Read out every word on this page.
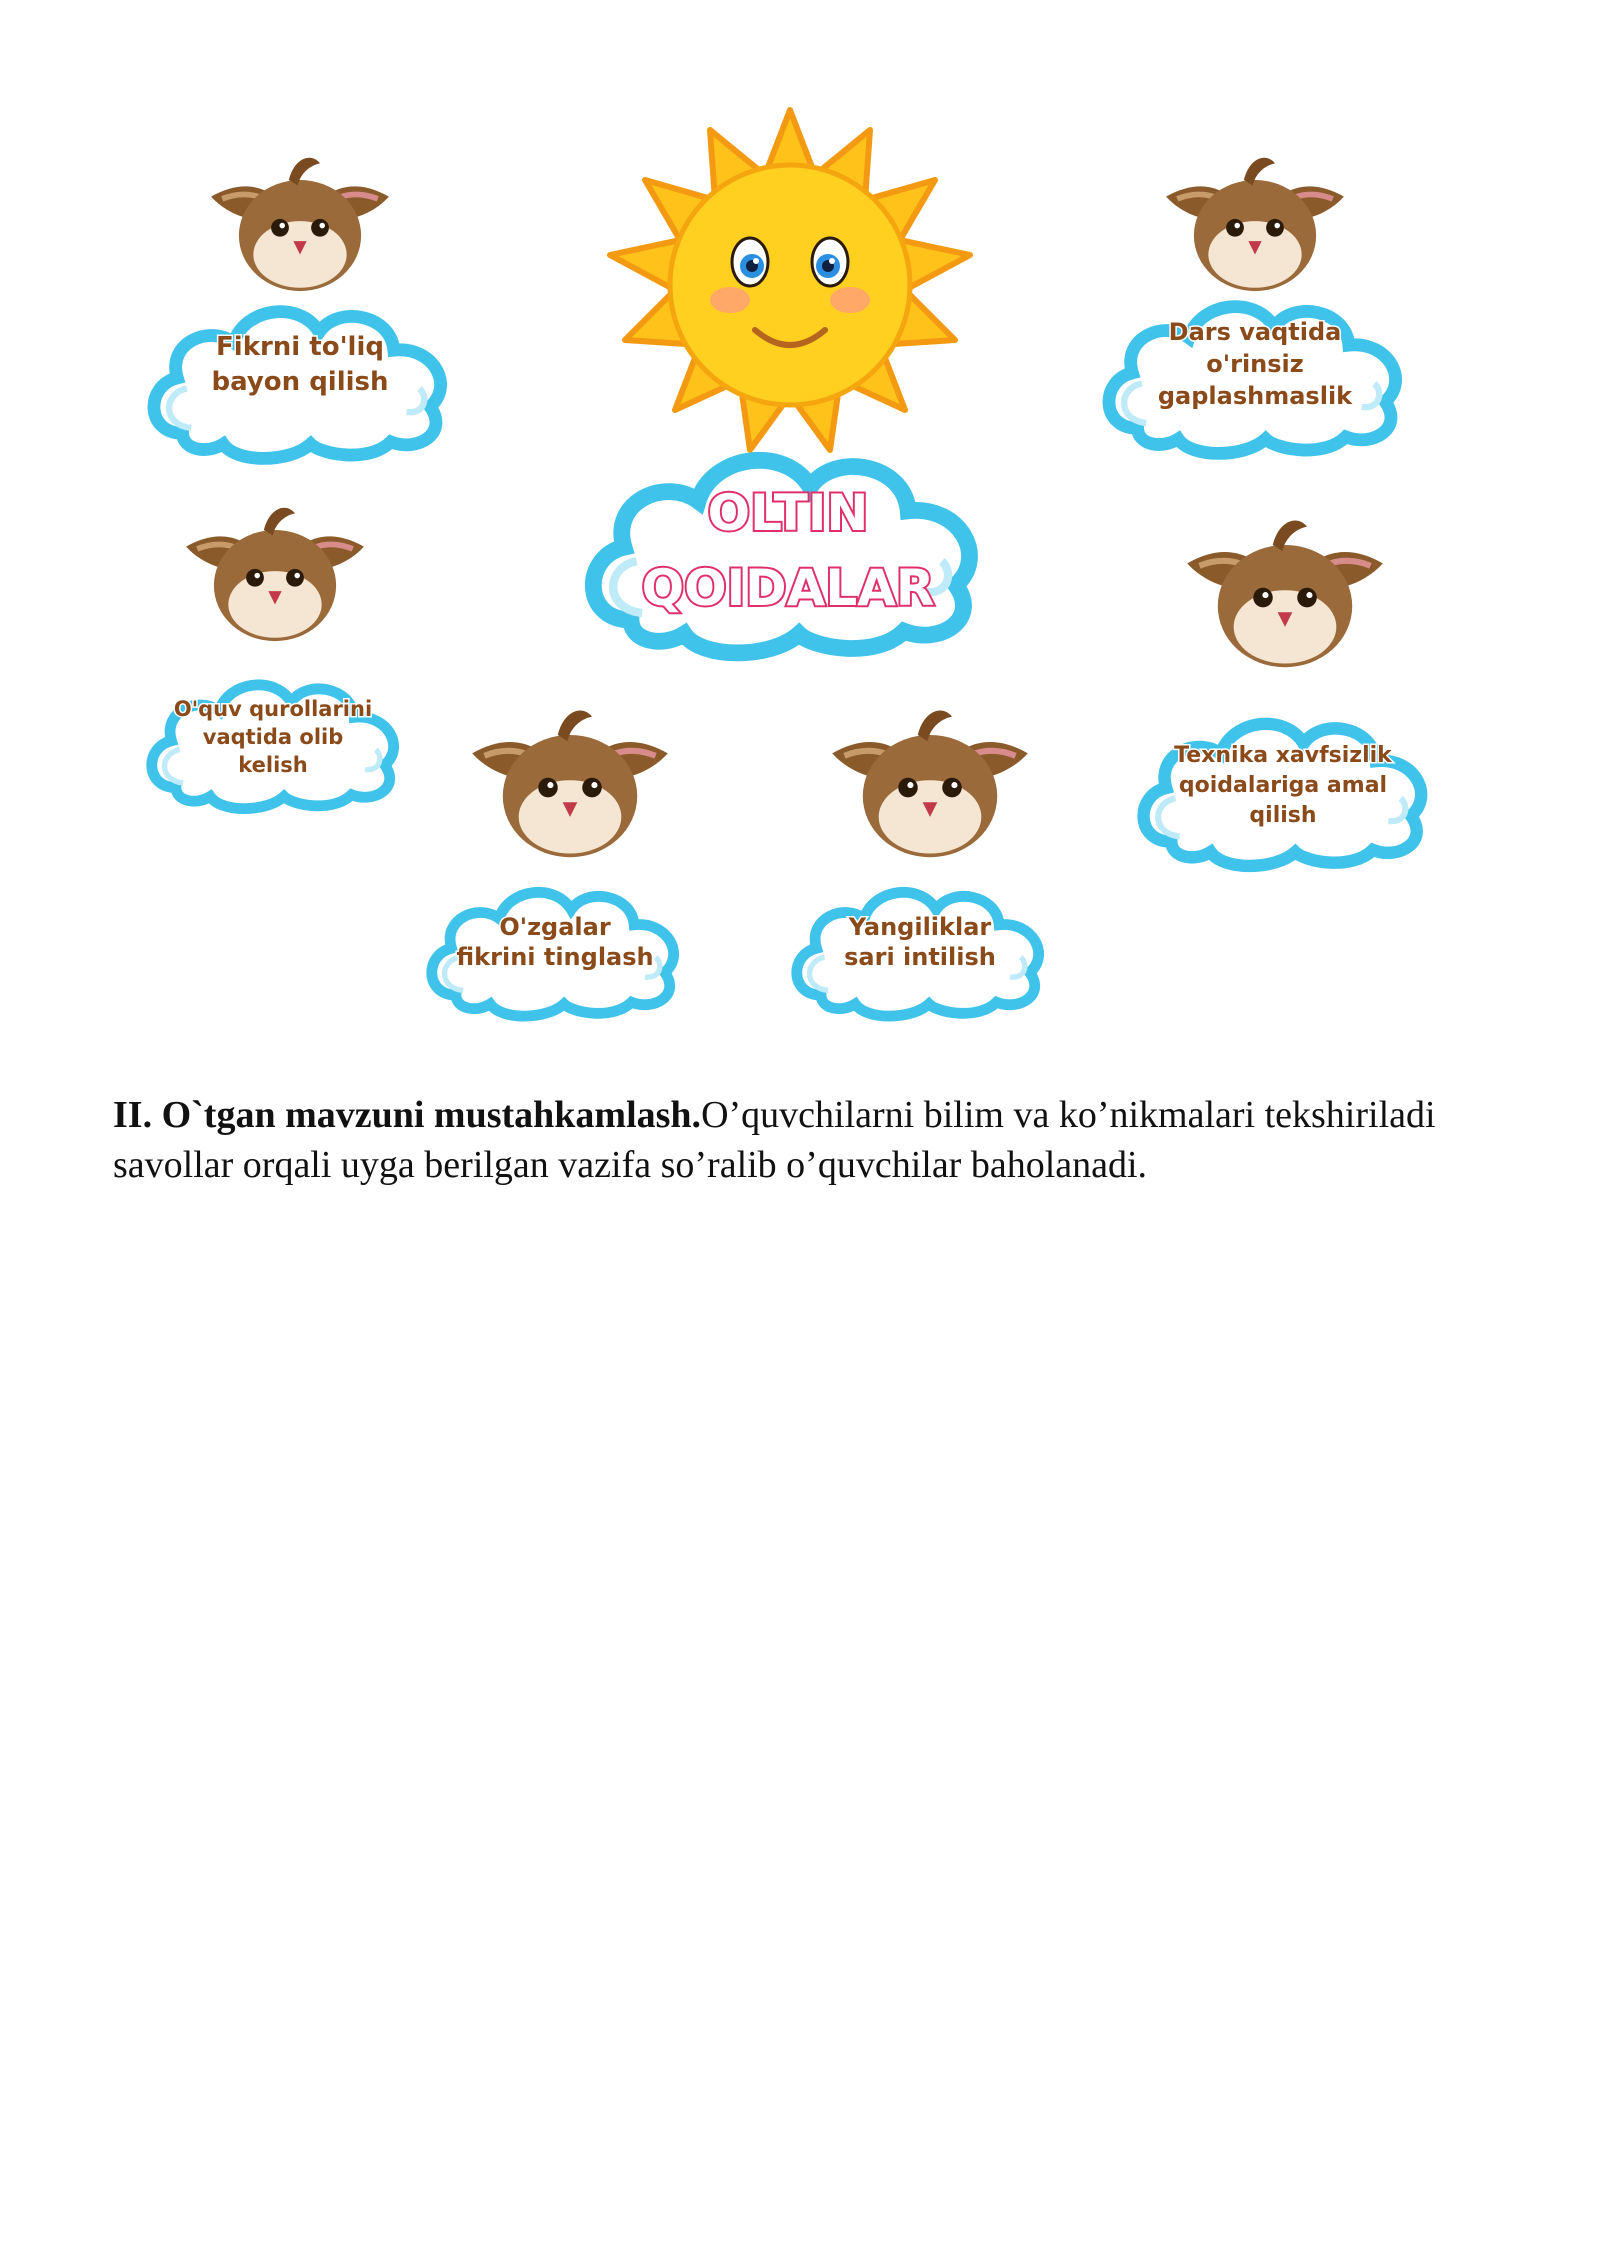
OLTIN
QOIDALAR
Fikrni to'liq
bayon qilish
Dars vaqtida
o'rinsiz
gaplashmaslik
O'quv qurollarini
vaqtida olib
kelish	Texnika xavfsizlik
qoidalariga amal
qilish
O'zgalar
fikrini tinglash
Yangiliklar
sari intilish

II. O`tgan mavzuni mustahkamlash.O’quvchilarni bilim va ko’nikmalari tekshiriladi savollar orqali uyga berilgan vazifa so’ralib o’quvchilar baholanadi.
